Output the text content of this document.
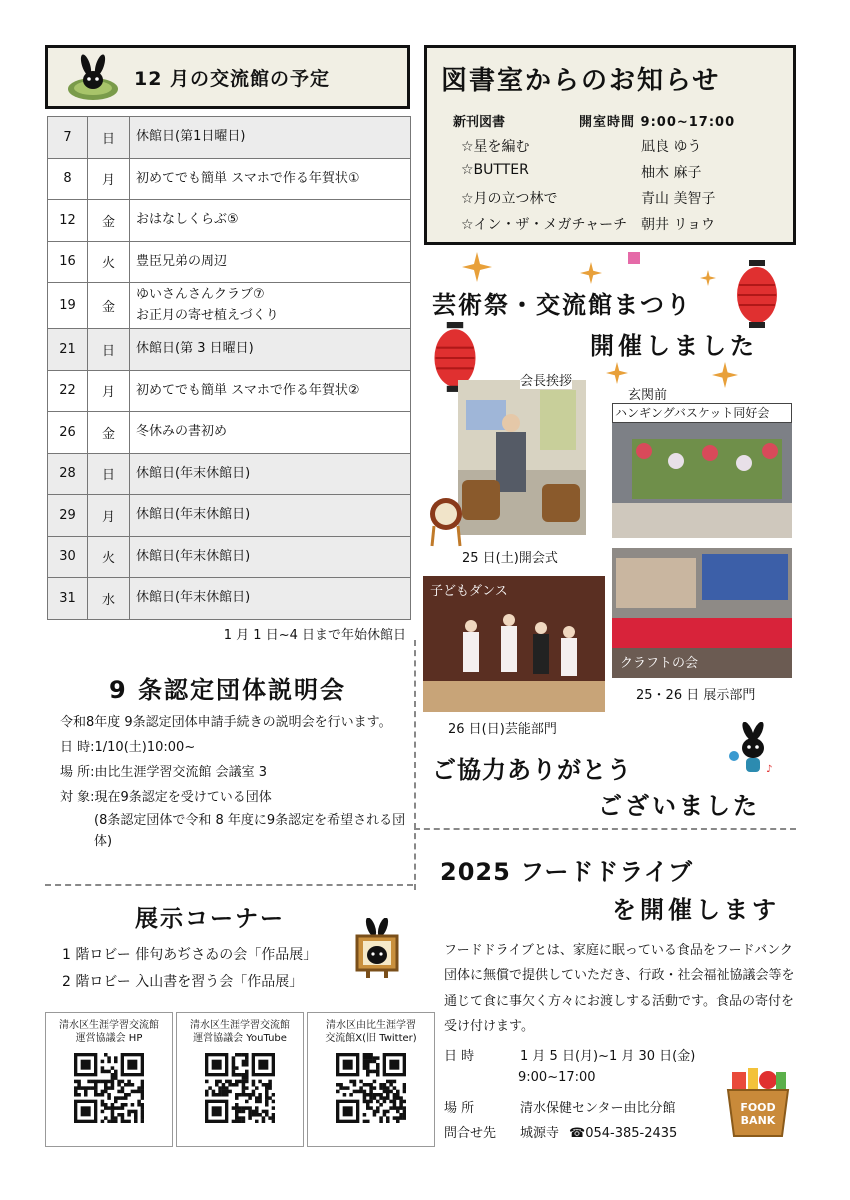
12 月の交流館の予定
7	日	休館日(第1日曜日)
8	月	初めてでも簡単 スマホで作る年賀状①
12	金	おはなしくらぶ⑤
16	火	豊臣兄弟の周辺
19	金	ゆいさんさんクラブ⑦
お正月の寄せ植えづくり

21	日	休館日(第 3 日曜日)
22	月	初めてでも簡単 スマホで作る年賀状②
26	金	冬休みの書初め
28	日	休館日(年末休館日)
29	月	休館日(年末休館日)
30	火	休館日(年末休館日)
31	水	休館日(年末休館日)
1 月 1 日~4 日まで年始休館日
9 条認定団体説明会
令和8年度 9条認定団体申請手続きの説明会を行います。
日 時:1/10(土)10:00~
場 所:由比生涯学習交流館 会議室 3
対 象:現在9条認定を受けている団体
(8条認定団体で令和 8 年度に9条認定を希望される団体)
展示コーナー
1 階ロビー 俳句あぢさゐの会「作品展」
2 階ロビー 入山書を習う会「作品展」
清水区生涯学習交流館
運営協議会 HP
清水区生涯学習交流館
運営協議会 YouTube
清水区由比生涯学習
交流館X(旧 Twitter)
図書室からのお知らせ
新刊図書	開室時間 9:00~17:00
☆星を編む	凪良 ゆう
☆BUTTER	柚木 麻子
☆月の立つ林で	青山 美智子
☆イン・ザ・メガチャーチ 朝井 リョウ
芸術祭・交流館まつり
開催しました
会長挨拶
25 日(土)開会式
玄関前
ハンギングバスケット同好会
子どもダンス
26 日(日)芸能部門
クラフトの会
25・26 日 展示部門
ご協力ありがとう
ございました
♪
2025 フードドライブ
を開催します
フードドライブとは、家庭に眠っている食品をフードバンク団体に無償で提供していただき、行政・社会福祉協議会等を通じて食に事欠く方々にお渡しする活動です。食品の寄付を受け付けます。
日 時	1 月 5 日(月)~1 月 30 日(金)
9:00~17:00
場 所	清水保健センター由比分館
問合せ先 城源寺 ☎054-385-2435
FOOD
BANK
